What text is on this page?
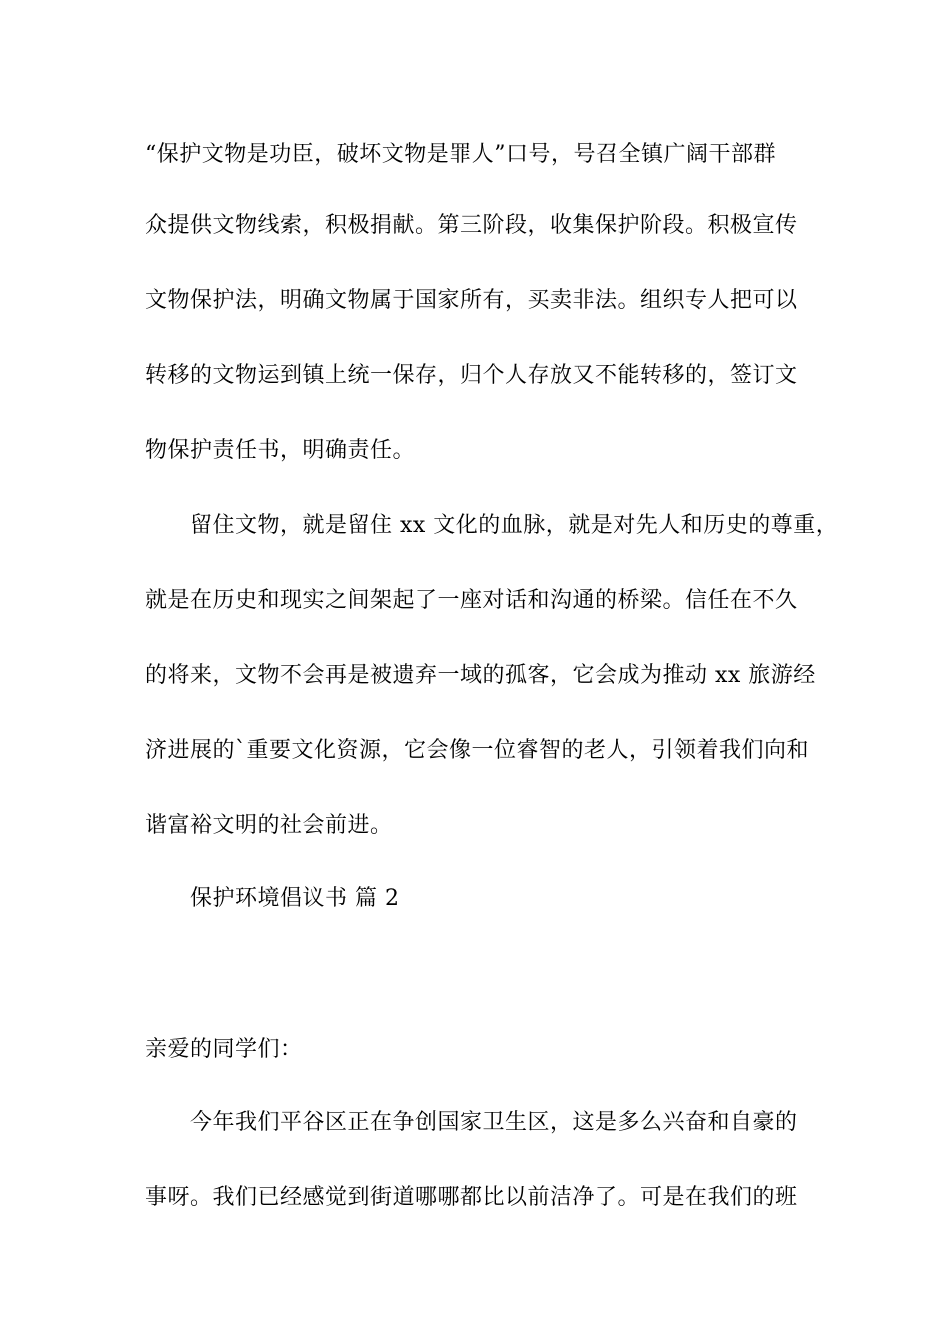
“保护文物是功臣，破坏文物是罪人”口号，号召全镇广阔干部群
众提供文物线索，积极捐献。第三阶段，收集保护阶段。积极宣传
文物保护法，明确文物属于国家所有，买卖非法。组织专人把可以
转移的文物运到镇上统一保存，归个人存放又不能转移的，签订文
物保护责任书，明确责任。
留住文物，就是留住 xx 文化的血脉，就是对先人和历史的尊重，
就是在历史和现实之间架起了一座对话和沟通的桥梁。信任在不久
的将来，文物不会再是被遗弃一域的孤客，它会成为推动 xx 旅游经
济进展的`重要文化资源，它会像一位睿智的老人，引领着我们向和
谐富裕文明的社会前进。
保护环境倡议书 篇 2
亲爱的同学们：
今年我们平谷区正在争创国家卫生区，这是多么兴奋和自豪的
事呀。我们已经感觉到街道哪哪都比以前洁净了。可是在我们的班
